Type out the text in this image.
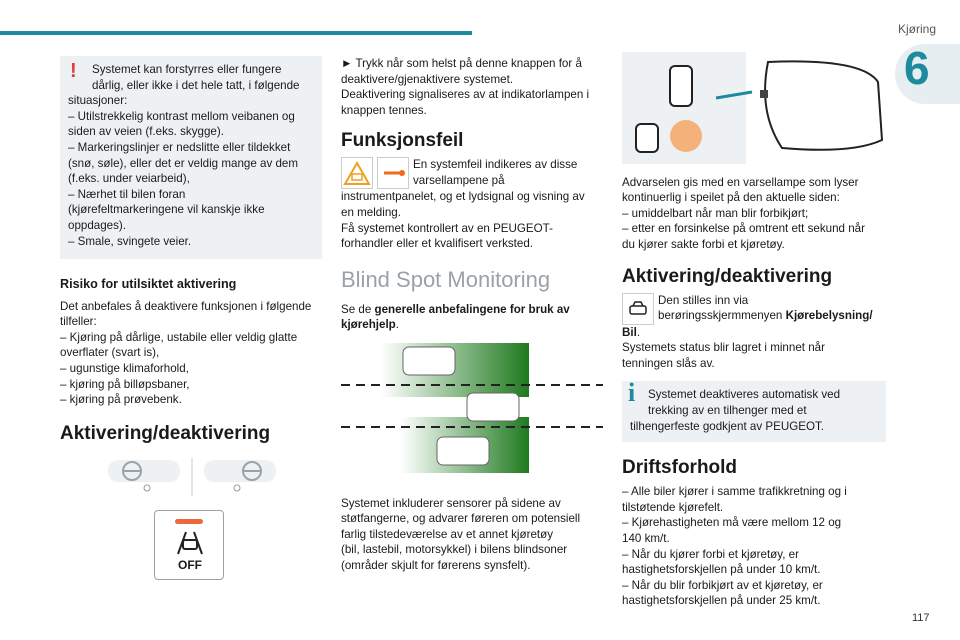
Kjøring
6
117
!	Systemet kan forstyrres eller fungere

dårlig, eller ikke i det hele tatt, i følgende

situasjoner:

– Utilstrekkelig kontrast mellom veibanen og

siden av veien (f.eks. skygge).

– Markeringslinjer er nedslitte eller tildekket

(snø, søle), eller det er veldig mange av dem

(f.eks. under veiarbeid),

– Nærhet til bilen foran

(kjørefeltmarkeringene vil kanskje ikke

oppdages).

– Smale, svingete veier.

Risiko for utilsiktet aktivering

Det anbefales å deaktivere funksjonen i følgende

tilfeller:

– Kjøring på dårlige, ustabile eller veldig glatte

overflater (svart is),

– ugunstige klimaforhold,

– kjøring på billøpsbaner,

– kjøring på prøvebenk.

Aktivering/deaktivering
OFF

► Trykk når som helst på denne knappen for å

deaktivere/gjenaktivere systemet.

Deaktivering signaliseres av at indikatorlampen i

knappen tennes.

Funksjonsfeil

En systemfeil indikeres av disse

varsellampene på

instrumentpanelet, og et lydsignal og visning av

en melding.

Få systemet kontrollert av en PEUGEOT-

forhandler eller et kvalifisert verksted.

Blind Spot Monitoring

Se de generelle anbefalingene for bruk av kjørehjelp.

Systemet inkluderer sensorer på sidene av

støtfangerne, og advarer føreren om potensiell

farlig tilstedeværelse av et annet kjøretøy

(bil, lastebil, motorsykkel) i bilens blindsoner

(områder skjult for førerens synsfelt).

Advarselen gis med en varsellampe som lyser

kontinuerlig i speilet på den aktuelle siden:

– umiddelbart når man blir forbikjørt;

– etter en forsinkelse på omtrent ett sekund når

du kjører sakte forbi et kjøretøy.

Aktivering/deaktivering

Den stilles inn via

berøringsskjermmenyen Kjørebelysning/

Bil.

Systemets status blir lagret i minnet når

tenningen slås av.

i	Systemet deaktiveres automatisk ved

trekking av en tilhenger med et

tilhengerfeste godkjent av PEUGEOT.

Driftsforhold

– Alle biler kjører i samme trafikkretning og i

tilstøtende kjørefelt.

– Kjørehastigheten må være mellom 12 og

140 km/t.

– Når du kjører forbi et kjøretøy, er

hastighetsforskjellen på under 10 km/t.

– Når du blir forbikjørt av et kjøretøy, er

hastighetsforskjellen på under 25 km/t.
